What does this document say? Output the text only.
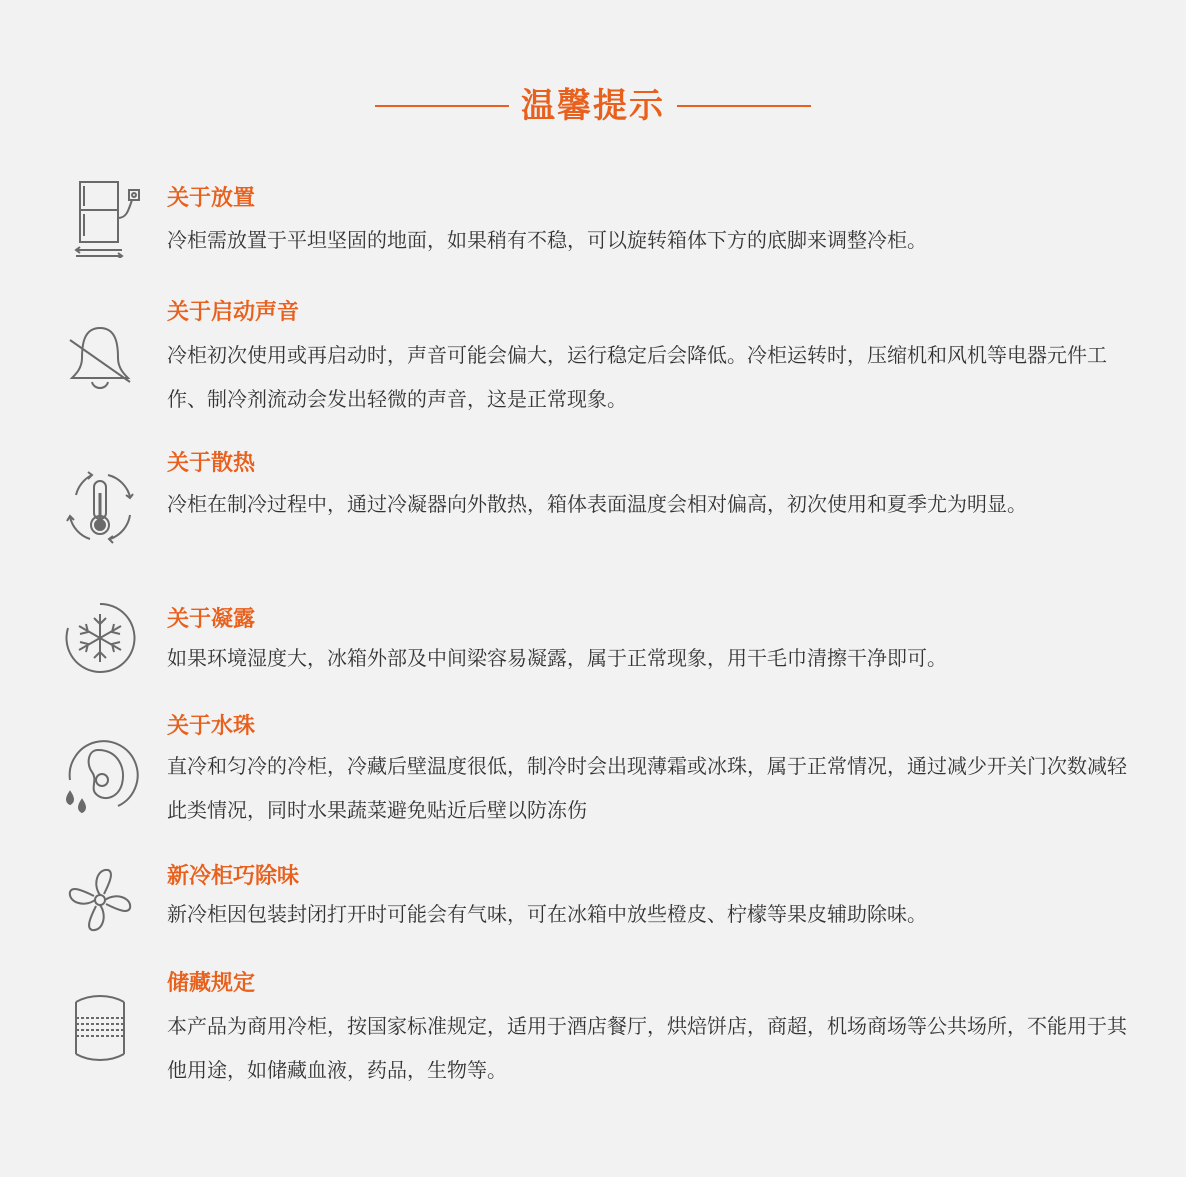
温馨提示
关于放置
冷柜需放置于平坦坚固的地面，如果稍有不稳，可以旋转箱体下方的底脚来调整冷柜。
关于启动声音
冷柜初次使用或再启动时，声音可能会偏大，运行稳定后会降低。冷柜运转时，压缩机和风机等电器元件工作、制冷剂流动会发出轻微的声音，这是正常现象。
关于散热
冷柜在制冷过程中，通过冷凝器向外散热，箱体表面温度会相对偏高，初次使用和夏季尤为明显。
关于凝露
如果环境湿度大，冰箱外部及中间梁容易凝露，属于正常现象，用干毛巾清擦干净即可。
关于水珠
直冷和匀冷的冷柜，冷藏后壁温度很低，制冷时会出现薄霜或冰珠，属于正常情况，通过减少开关门次数减轻此类情况，同时水果蔬菜避免贴近后壁以防冻伤
新冷柜巧除味
新冷柜因包装封闭打开时可能会有气味，可在冰箱中放些橙皮、柠檬等果皮辅助除味。
储藏规定
本产品为商用冷柜，按国家标准规定，适用于酒店餐厅，烘焙饼店，商超，机场商场等公共场所，不能用于其他用途，如储藏血液，药品，生物等。
